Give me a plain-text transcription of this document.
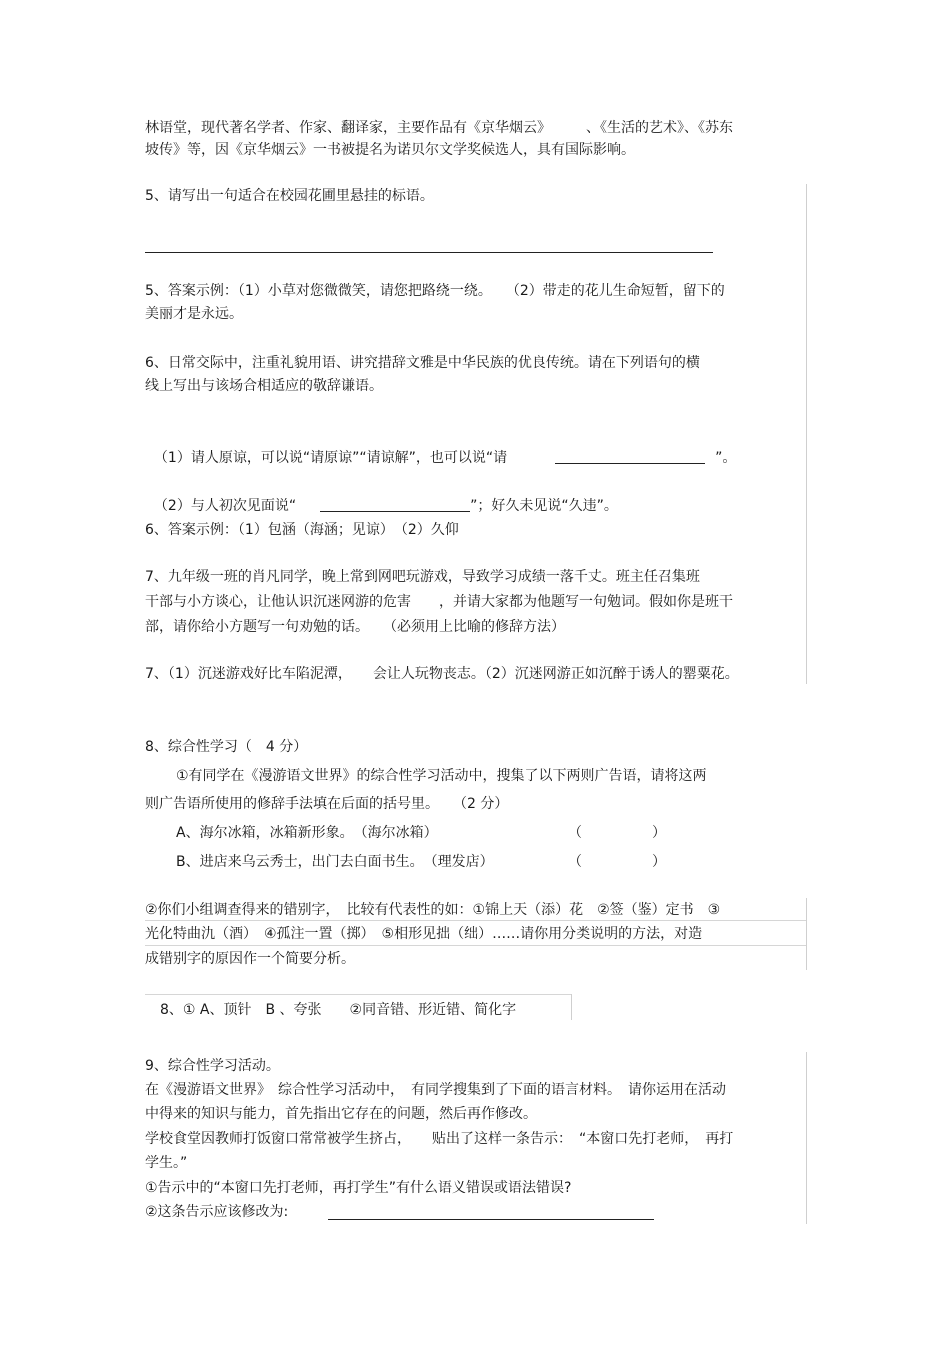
林语堂，现代著名学者、作家、翻译家，主要作品有《京华烟云》　　　、《生活的艺术》、《苏东
坡传》等，因《京华烟云》一书被提名为诺贝尔文学奖候选人，具有国际影响。
5、请写出一句适合在校园花圃里悬挂的标语。
5、答案示例：（1）小草对您微微笑，请您把路绕一绕。　　（2）带走的花儿生命短暂，留下的
美丽才是永远。
6、日常交际中，注重礼貌用语、讲究措辞文雅是中华民族的优良传统。请在下列语句的横
线上写出与该场合相适应的敬辞谦语。

（1）请人原谅，可以说“请原谅”“请谅解”，也可以说“请	”。

（2）与人初次见面说“	”；好久未见说“久违”。

6、答案示例：（1）包涵（海涵；见谅）　（2）久仰
7、九年级一班的肖凡同学，晚上常到网吧玩游戏，导致学习成绩一落千丈。班主任召集班
干部与小方谈心，让他认识沉迷网游的危害　　，并请大家都为他题写一句勉词。假如你是班干
部，请你给小方题写一句劝勉的话。　　（必须用上比喻的修辞方法）
7、（1）沉迷游戏好比车陷泥潭，　　会让人玩物丧志。（2）沉迷网游正如沉醉于诱人的罂粟花。
8、综合性学习（　4 分）
①有同学在《漫游语文世界》的综合性学习活动中，搜集了以下两则广告语，请将这两
则广告语所使用的修辞手法填在后面的括号里。　　（2 分）
A、海尔冰箱，冰箱新形象。　（海尔冰箱）	（　　　　　）
B、进店来乌云秀士，出门去白面书生。　（理发店）	（　　　　　）
②你们小组调查得来的错别字，　比较有代表性的如：①锦上天（添）花　②签（鉴）定书　③
光化特曲氿（酒）　④孤注一置（掷）　⑤相形见拙（绌）……请你用分类说明的方法，对造
成错别字的原因作一个简要分析。
8、① A、顶针　B 、夸张　　②同音错、形近错、简化字
9、综合性学习活动。
在《漫游语文世界》　综合性学习活动中，　有同学搜集到了下面的语言材料。　请你运用在活动
中得来的知识与能力，首先指出它存在的问题，然后再作修改。
学校食堂因教师打饭窗口常常被学生挤占，　　贴出了这样一条告示：　“本窗口先打老师，　再打
学生。”
①告示中的“本窗口先打老师，再打学生”有什么语义错误或语法错误?
②这条告示应该修改为:
